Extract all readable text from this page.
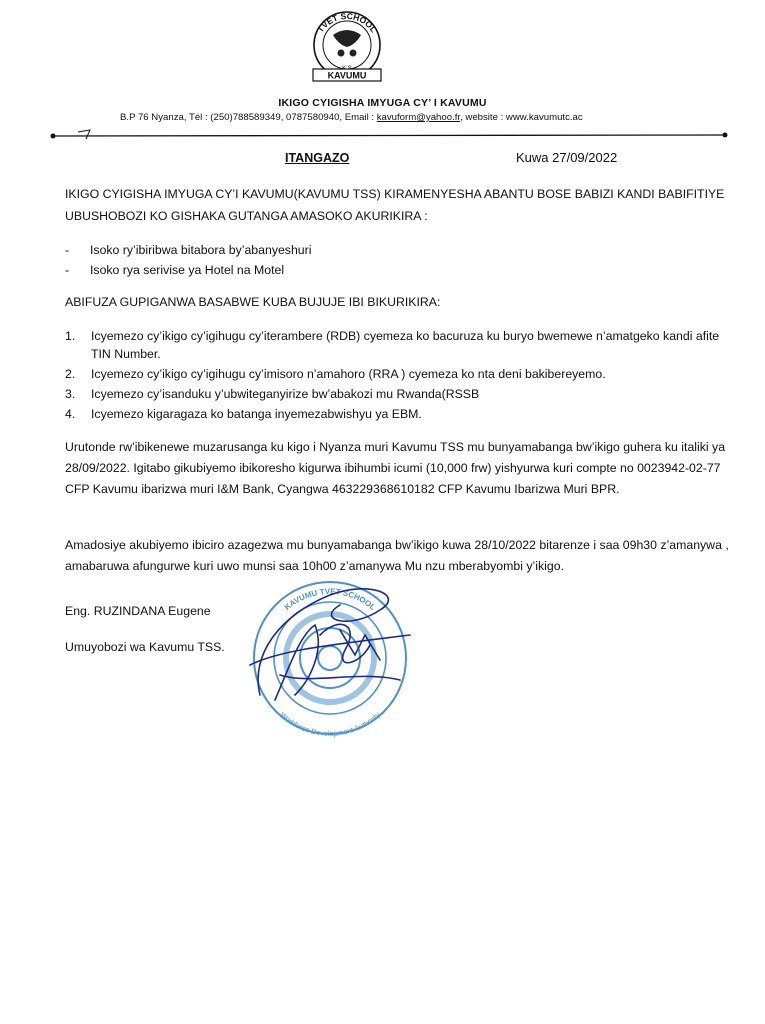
TVET SCHOOL
KAVUMU
IKIGO CYIGISHA IMYUGA CY’ I KAVUMU
B.P 76 Nyanza, Tél : (250)788589349, 0787580940, Email : kavuform@yahoo.fr, website : www.kavumutc.ac
ITANGAZO	Kuwa 27/09/2022
IKIGO CYIGISHA IMYUGA CY’I KAVUMU(KAVUMU TSS) KIRAMENYESHA ABANTU BOSE BABIZI KANDI BABIFITIYE UBUSHOBOZI KO GISHAKA GUTANGA AMASOKO AKURIKIRA :
-	Isoko ry’ibiribwa bitabora by’abanyeshuri
-	Isoko rya serivise ya Hotel na Motel
ABIFUZA GUPIGANWA BASABWE KUBA BUJUJE IBI BIKURIKIRA:
1.	Icyemezo cy’ikigo cy’igihugu cy’iterambere (RDB) cyemeza ko bacuruza ku buryo bwemewe n’amatgeko kandi afite TIN Number.
2.	Icyemezo cy’ikigo cy’igihugu cy’imisoro n’amahoro (RRA ) cyemeza ko nta deni bakibereyemo.
3.	Icyemezo cy’isanduku y’ubwiteganyirize bw’abakozi mu Rwanda(RSSB
4.	Icyemezo kigaragaza ko batanga inyemezabwishyu ya EBM.
Urutonde rw’ibikenewe muzarusanga ku kigo i Nyanza muri Kavumu TSS mu bunyamabanga bw’ikigo guhera ku italiki ya 28/09/2022. Igitabo gikubiyemo ibikoresho kigurwa ibihumbi icumi (10,000 frw) yishyurwa kuri compte no 0023942-02-77 CFP Kavumu ibarizwa muri I&M Bank, Cyangwa 463229368610182 CFP Kavumu Ibarizwa Muri BPR.
Amadosiye akubiyemo ibiciro azagezwa mu bunyamabanga bw’ikigo kuwa 28/10/2022 bitarenze i saa 09h30 z’amanywa , amabaruwa afungurwe kuri uwo munsi saa 10h00 z’amanywa Mu nzu mberabyombi y’ikigo.
Eng. RUZINDANA Eugene
Umuyobozi wa Kavumu TSS.
KAVUMU TVET SCHOOL
Workforce Development Authority
